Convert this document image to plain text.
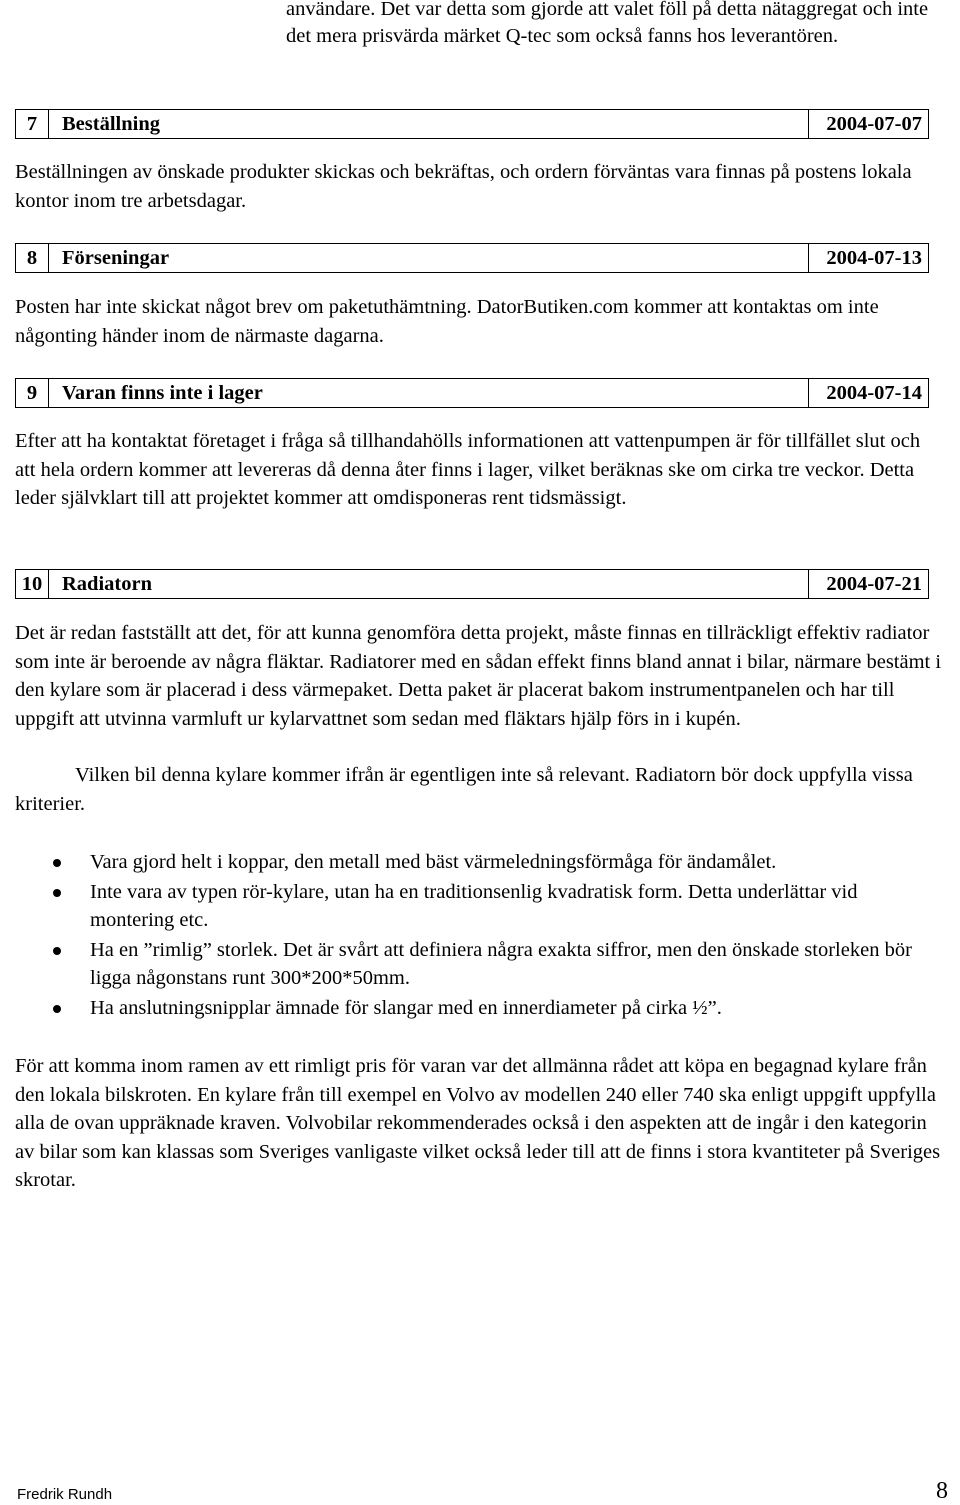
användare. Det var detta som gjorde att valet föll på detta nätaggregat och inte det mera prisvärda märket Q-tec som också fanns hos leverantören.
7	Beställning	2004-07-07
Beställningen av önskade produkter skickas och bekräftas, och ordern förväntas vara finnas på postens lokala kontor inom tre arbetsdagar.
8	Förseningar	2004-07-13
Posten har inte skickat något brev om paketuthämtning. DatorButiken.com kommer att kontaktas om inte någonting händer inom de närmaste dagarna.
9	Varan finns inte i lager	2004-07-14
Efter att ha kontaktat företaget i fråga så tillhandahölls informationen att vattenpumpen är för tillfället slut och att hela ordern kommer att levereras då denna åter finns i lager, vilket beräknas ske om cirka tre veckor. Detta leder självklart till att projektet kommer att omdisponeras rent tidsmässigt.
10 Radiatorn	2004-07-21
Det är redan fastställt att det, för att kunna genomföra detta projekt, måste finnas en tillräckligt effektiv radiator som inte är beroende av några fläktar. Radiatorer med en sådan effekt finns bland annat i bilar, närmare bestämt i den kylare som är placerad i dess värmepaket. Detta paket är placerat bakom instrumentpanelen och har till uppgift att utvinna varmluft ur kylarvattnet som sedan med fläktars hjälp förs in i kupén.
Vilken bil denna kylare kommer ifrån är egentligen inte så relevant. Radiatorn bör dock uppfylla vissa kriterier.
Vara gjord helt i koppar, den metall med bäst värmeledningsförmåga för ändamålet.
Inte vara av typen rör-kylare, utan ha en traditionsenlig kvadratisk form. Detta underlättar vid montering etc.
Ha en ”rimlig” storlek. Det är svårt att definiera några exakta siffror, men den önskade storleken bör ligga någonstans runt 300*200*50mm.
Ha anslutningsnipplar ämnade för slangar med en innerdiameter på cirka ½”.
För att komma inom ramen av ett rimligt pris för varan var det allmänna rådet att köpa en begagnad kylare från den lokala bilskroten. En kylare från till exempel en Volvo av modellen 240 eller 740 ska enligt uppgift uppfylla alla de ovan uppräknade kraven. Volvobilar rekommenderades också i den aspekten att de ingår i den kategorin av bilar som kan klassas som Sveriges vanligaste vilket också leder till att de finns i stora kvantiteter på Sveriges skrotar.
Fredrik Rundh	8
